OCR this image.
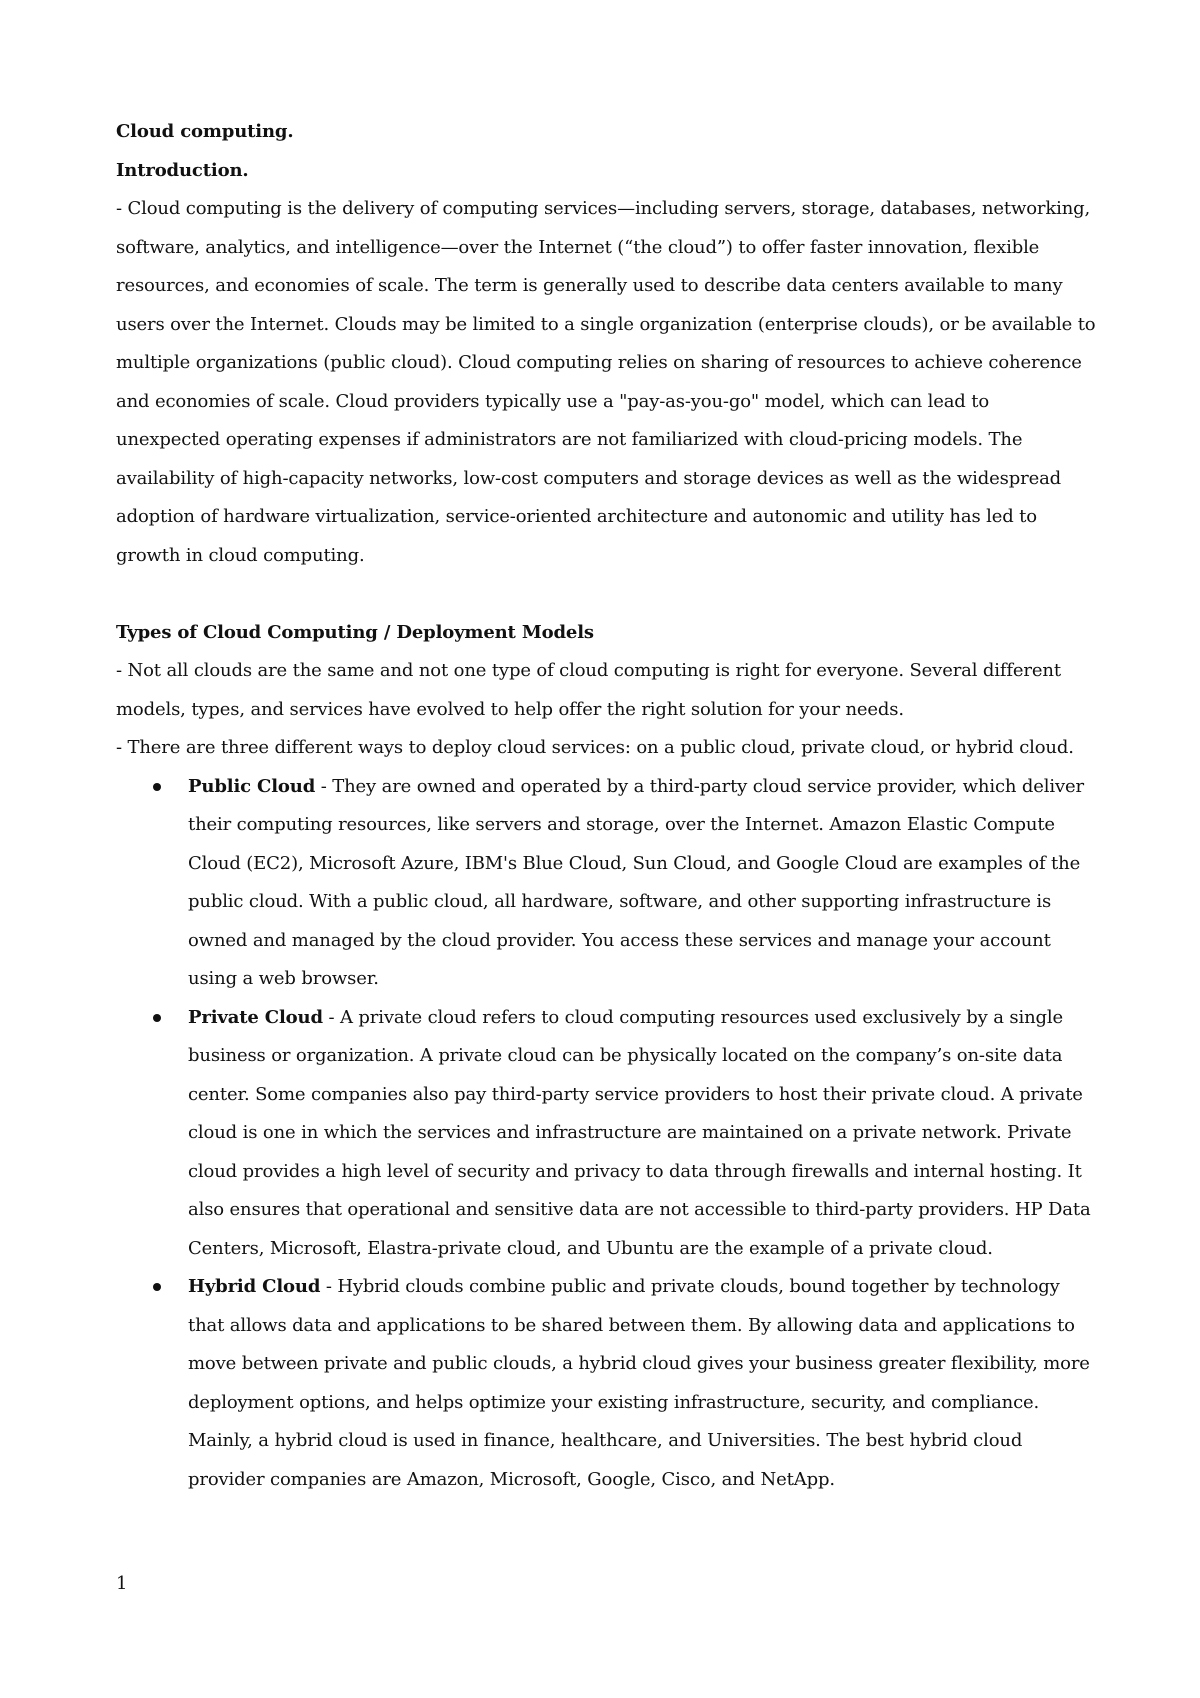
Cloud computing.

Introduction.

- Cloud computing is the delivery of computing services—including servers, storage, databases, networking, software, analytics, and intelligence—over the Internet (“the cloud”) to offer faster innovation, flexible resources, and economies of scale. The term is generally used to describe data centers available to many users over the Internet. Clouds may be limited to a single organization (enterprise clouds), or be available to multiple organizations (public cloud). Cloud computing relies on sharing of resources to achieve coherence and economies of scale. Cloud providers typically use a "pay-as-you-go" model, which can lead to unexpected operating expenses if administrators are not familiarized with cloud-pricing models. The availability of high-capacity networks, low-cost computers and storage devices as well as the widespread adoption of hardware virtualization, service-oriented architecture and autonomic and utility has led to growth in cloud computing.

Types of Cloud Computing / Deployment Models

- Not all clouds are the same and not one type of cloud computing is right for everyone. Several different models, types, and services have evolved to help offer the right solution for your needs.

- There are three different ways to deploy cloud services: on a public cloud, private cloud, or hybrid cloud.

Public Cloud - They are owned and operated by a third-party cloud service provider, which deliver their computing resources, like servers and storage, over the Internet. Amazon Elastic Compute Cloud (EC2), Microsoft Azure, IBM's Blue Cloud, Sun Cloud, and Google Cloud are examples of the public cloud. With a public cloud, all hardware, software, and other supporting infrastructure is owned and managed by the cloud provider. You access these services and manage your account using a web browser.
Private Cloud - A private cloud refers to cloud computing resources used exclusively by a single business or organization. A private cloud can be physically located on the company’s on-site data center. Some companies also pay third-party service providers to host their private cloud. A private cloud is one in which the services and infrastructure are maintained on a private network. Private cloud provides a high level of security and privacy to data through firewalls and internal hosting. It also ensures that operational and sensitive data are not accessible to third-party providers. HP Data Centers, Microsoft, Elastra-private cloud, and Ubuntu are the example of a private cloud.
Hybrid Cloud - Hybrid clouds combine public and private clouds, bound together by technology that allows data and applications to be shared between them. By allowing data and applications to move between private and public clouds, a hybrid cloud gives your business greater flexibility, more deployment options, and helps optimize your existing infrastructure, security, and compliance. Mainly, a hybrid cloud is used in finance, healthcare, and Universities. The best hybrid cloud provider companies are Amazon, Microsoft, Google, Cisco, and NetApp.
1
